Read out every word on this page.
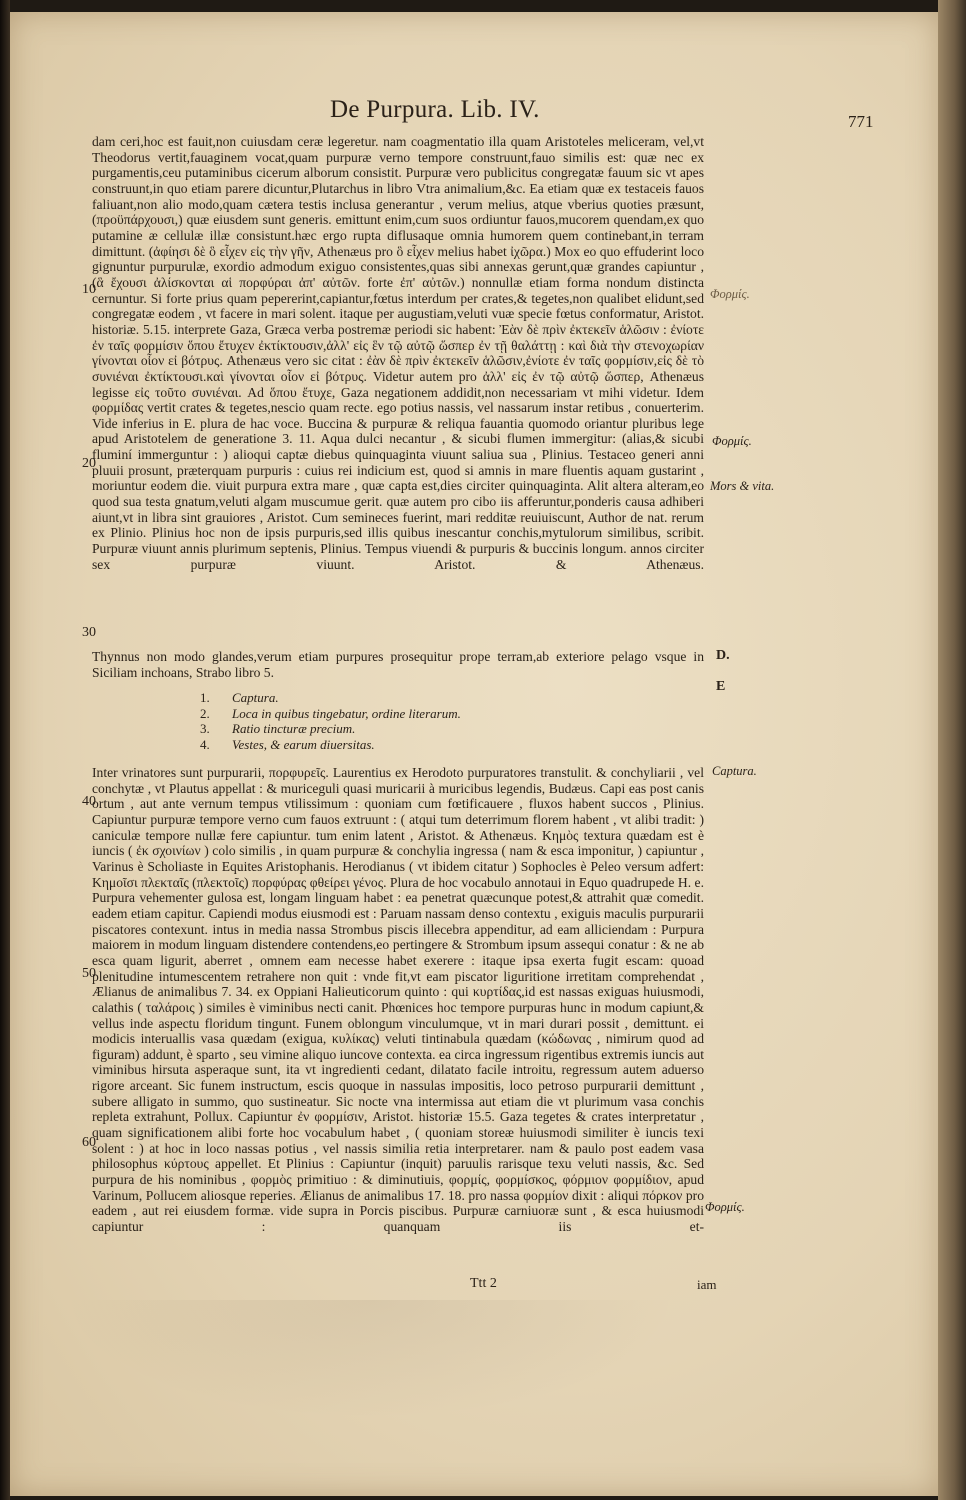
De Purpura. Lib. IV.	771

dam ceri,hoc est fauit,non cuiusdam ceræ legeretur. nam coagmentatio illa quam Aristoteles meliceram, vel,vt Theodorus vertit,fauaginem vocat,quam purpuræ verno tempore construunt,fauo similis est: quæ nec ex purgamentis,ceu putaminibus cicerum alborum consistit. Purpuræ vero publicitus congregatæ fauum sic vt apes construunt,in quo etiam parere dicuntur,Plutarchus in libro Vtra animalium,&c. Ea etiam quæ ex testaceis fauos faliuant,non alio modo,quam cætera testis inclusa generantur , verum melius, atque vberius quoties præsunt,(προϋπάρχουσι,) quæ eiusdem sunt generis. emittunt enim,cum suos ordiuntur fauos,mucorem quendam,ex quo putamine æ cellulæ illæ consistunt.hæc ergo rupta diflusaque omnia humorem quem continebant,in terram dimittunt. (ἀφίησι δὲ ὃ εἶχεν εἰς τὴν γῆν, Athenæus pro ὃ εἶχεν melius habet ἰχῶρα.) Mox eo quo effuderint loco gignuntur purpurulæ, exordio admodum exiguo consistentes,quas sibi annexas gerunt,quæ grandes capiuntur , (ἃ ἔχουσι ἀλίσκονται αἱ πορφύραι ἀπ' αὐτῶν. forte ἐπ' αὐτῶν.) nonnullæ etiam forma nondum distincta cernuntur. Si forte prius quam pepererint,capiantur,fœtus interdum per crates,& tegetes,non qualibet elidunt,sed congregatæ eodem , vt facere in mari solent. itaque per augustiam,veluti vuæ specie fœtus conformatur, Aristot. historiæ. 5.15. interprete Gaza, Græca verba postremæ periodi sic habent: Ἐὰν δὲ πρὶν ἐκτεκεῖν ἁλῶσιν : ἐνίοτε ἐν ταῖς φορμίσιν ὅπου ἔτυχεν ἐκτίκτουσιν,ἀλλ' εἰς ἓν τῷ αὐτῷ ὥσπερ ἐν τῇ θαλάττῃ : καὶ διὰ τὴν στενοχωρίαν γίνονται οἷον εἰ βότρυς. Athenæus vero sic citat : ἐὰν δὲ πρὶν ἐκτεκεῖν ἁλῶσιν,ἐνίοτε ἐν ταῖς φορμίσιν,εἰς δὲ τὸ συνιέναι ἐκτίκτουσι.καὶ γίνονται οἷον εἰ βότρυς. Videtur autem pro ἀλλ' εἰς ἐν τῷ αὐτῷ ὥσπερ, Athenæus legisse εἰς τοῦτο συνιέναι. Ad ὅπου ἔτυχε, Gaza negationem addidit,non necessariam vt mihi videtur. Idem φορμίδας vertit crates & tegetes,nescio quam recte. ego potius nassis, vel nassarum instar retibus , conuerterim. Vide inferius in E. plura de hac voce. Buccina & purpuræ & reliqua fauantia quomodo oriantur pluribus lege apud Aristotelem de generatione 3. 11. Aqua dulci necantur , & sicubi flumen immergitur: (alias,& sicubi fluminí immerguntur : ) alioqui captæ diebus quinquaginta viuunt saliua sua , Plinius. Testaceo generi anni pluuii prosunt, præterquam purpuris : cuius rei indicium est, quod si amnis in mare fluentis aquam gustarint , moriuntur eodem die. viuit purpura extra mare , quæ capta est,dies circiter quinquaginta. Alit altera alteram,eo quod sua testa gnatum,veluti algam muscumue gerit. quæ autem pro cibo iis afferuntur,ponderis causa adhiberi aiunt,vt in libra sint grauiores , Aristot. Cum semineces fuerint, mari redditæ reuiuiscunt, Author de nat. rerum ex Plinio. Plinius hoc non de ipsis purpuris,sed illis quibus inescantur conchis,mytulorum similibus, scribit. Purpuræ viuunt annis plurimum septenis, Plinius. Tempus viuendi & purpuris & buccinis longum. annos circiter sex purpuræ viuunt. Aristot. & Athenæus.

Thynnus non modo glandes,verum etiam purpures prosequitur prope terram,ab exteriore pelago vsque in Siciliam inchoans, Strabo libro 5.

1. Captura.
2. Loca in quibus tingebatur, ordine literarum.
3. Ratio tincturæ precium.
4. Vestes, & earum diuersitas.

Inter vrinatores sunt purpurarii, πορφυρεῖς. Laurentius ex Herodoto purpuratores transtulit. & conchyliarii , vel conchytæ , vt Plautus appellat : & muriceguli quasi muricarii à muricibus legendis, Budæus. Capi eas post canis ortum , aut ante vernum tempus vtilissimum : quoniam cum fœtificauere , fluxos habent succos , Plinius. Capiuntur purpuræ tempore verno cum fauos extruunt : ( atqui tum deterrimum florem habent , vt alibi tradit: ) caniculæ tempore nullæ fere capiuntur. tum enim latent , Aristot. & Athenæus. Κημὸς textura quædam est è iuncis ( ἐκ σχοινίων ) colo similis , in quam purpuræ & conchylia ingressa ( nam & esca imponitur, ) capiuntur , Varinus è Scholiaste in Equites Aristophanis. Herodianus ( vt ibidem citatur ) Sophocles è Peleo versum adfert: Κημοῖσι πλεκταῖς (πλεκτοῖς) πορφύρας φθείρει γένος. Plura de hoc vocabulo annotaui in Equo quadrupede H. e. Purpura vehementer gulosa est, longam linguam habet : ea penetrat quæcunque potest,& attrahit quæ comedit. eadem etiam capitur. Capiendi modus eiusmodi est : Paruam nassam denso contextu , exiguis maculis purpurarii piscatores contexunt. intus in media nassa Strombus piscis illecebra appenditur, ad eam alliciendam : Purpura maiorem in modum linguam distendere contendens,eo pertingere & Strombum ipsum assequi conatur : & ne ab esca quam ligurit, aberret , omnem eam necesse habet exerere : itaque ipsa exerta fugit escam: quoad plenitudine intumescentem retrahere non quit : vnde fit,vt eam piscator liguritione irretitam comprehendat , Ælianus de animalibus 7. 34. ex Oppiani Halieuticorum quinto : qui κυρτίδας,id est nassas exiguas huiusmodi, calathis ( ταλάροις ) similes è viminibus necti canit. Phœnices hoc tempore purpuras hunc in modum capiunt,& vellus inde aspectu floridum tingunt. Funem oblongum vinculumque, vt in mari durari possit , demittunt. ei modicis interuallis vasa quædam (exigua, κυλίκας) veluti tintinabula quædam (κώδωνας , nimirum quod ad figuram) addunt, è sparto , seu vimine aliquo iuncove contexta. ea circa ingressum rigentibus extremis iuncis aut viminibus hirsuta asperaque sunt, ita vt ingredienti cedant, dilatato facile introitu, regressum autem aduerso rigore arceant. Sic funem instructum, escis quoque in nassulas impositis, loco petroso purpurarii demittunt , subere alligato in summo, quo sustineatur. Sic nocte vna intermissa aut etiam die vt plurimum vasa conchis repleta extrahunt, Pollux. Capiuntur ἐν φορμίσιν, Aristot. historiæ 15.5. Gaza tegetes & crates interpretatur , quam significationem alibi forte hoc vocabulum habet , ( quoniam storeæ huiusmodi similiter è iuncis texi solent : ) at hoc in loco nassas potius , vel nassis similia retia interpretarer. nam & paulo post eadem vasa philosophus κύρτους appellet. Et Plinius : Capiuntur (inquit) paruulis rarisque texu veluti nassis, &c. Sed purpura de his nominibus , φορμὸς primitiuo : & diminutiuis, φορμίς, φορμίσκος, φόρμιον φορμίδιον, apud Varinum, Pollucem aliosque reperies. Ælianus de animalibus 17. 18. pro nassa φορμίον dixit : aliqui πόρκον pro eadem , aut rei eiusdem formæ. vide supra in Porcis piscibus. Purpuræ carniuoræ sunt , & esca huiusmodi capiuntur : quanquam iis et-

10
20
30
40
50
60
Φορμίς.
Φορμίς.
Mors & vita.
D.
E
Captura.
Φορμίς.
Ttt 2	iam
